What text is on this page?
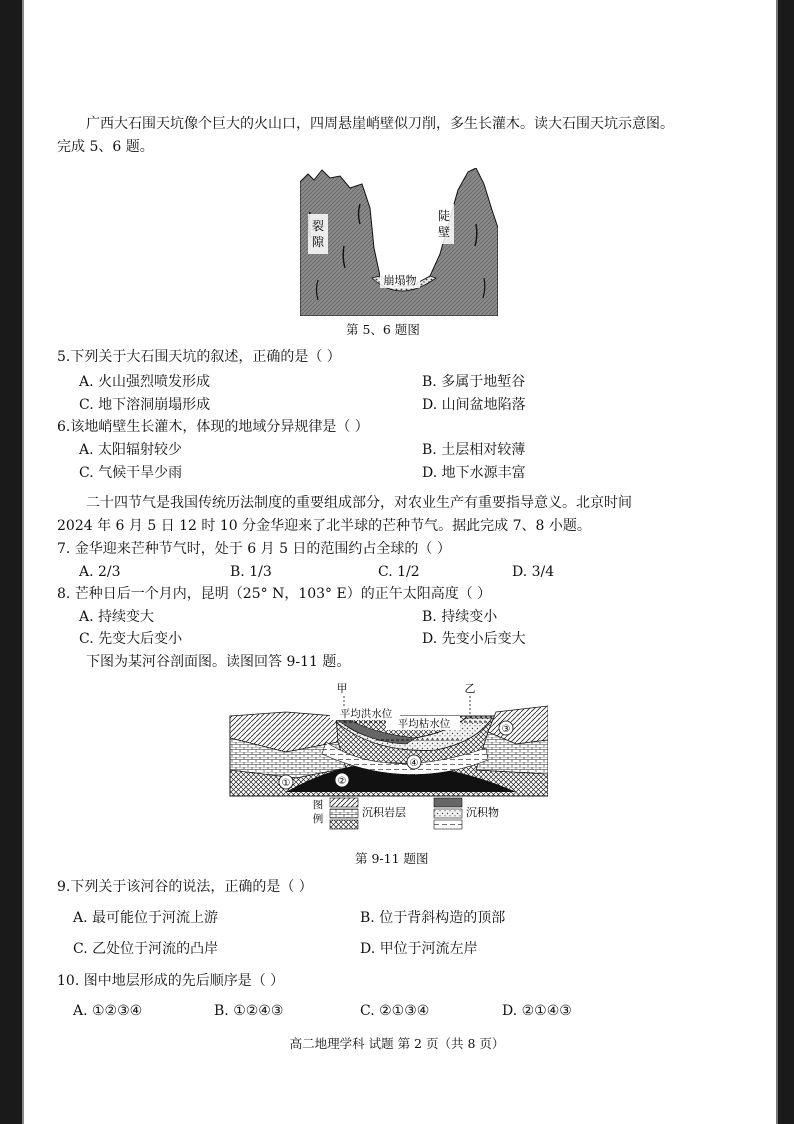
广西大石围天坑像个巨大的火山口，四周悬崖峭壁似刀削，多生长灌木。读大石围天坑示意图。
完成 5、6 题。
裂
隙
陡
壁
崩塌物
第 5、6 题图
5.下列关于大石围天坑的叙述，正确的是（ ）
A. 火山强烈喷发形成	B. 多属于地堑谷
C. 地下溶洞崩塌形成	D. 山间盆地陷落
6.该地峭壁生长灌木，体现的地域分异规律是（ ）
A. 太阳辐射较少	B. 土层相对较薄
C. 气候干旱少雨	D. 地下水源丰富
二十四节气是我国传统历法制度的重要组成部分，对农业生产有重要指导意义。北京时间
2024 年 6 月 5 日 12 时 10 分金华迎来了北半球的芒种节气。据此完成 7、8 小题。
7. 金华迎来芒种节气时，处于 6 月 5 日的范围约占全球的（ ）
A. 2/3	B. 1/3	C. 1/2	D. 3/4
8. 芒种日后一个月内，昆明（25° N，103° E）的正午太阳高度（ ）
A. 持续变大	B. 持续变小
C. 先变大后变小	D. 先变小后变大
下图为某河谷剖面图。读图回答 9-11 题。
甲	乙
平均洪水位
平均枯水位
①	②
③
④
图
例	沉积岩层	沉积物
第 9-11 题图
9.下列关于该河谷的说法，正确的是（ ）
A. 最可能位于河流上游	B. 位于背斜构造的顶部
C. 乙处位于河流的凸岸	D. 甲位于河流左岸
10. 图中地层形成的先后顺序是（ ）
A. ①②③④	B. ①②④③	C. ②①③④	D. ②①④③
高二地理学科 试题 第 2 页（共 8 页）
